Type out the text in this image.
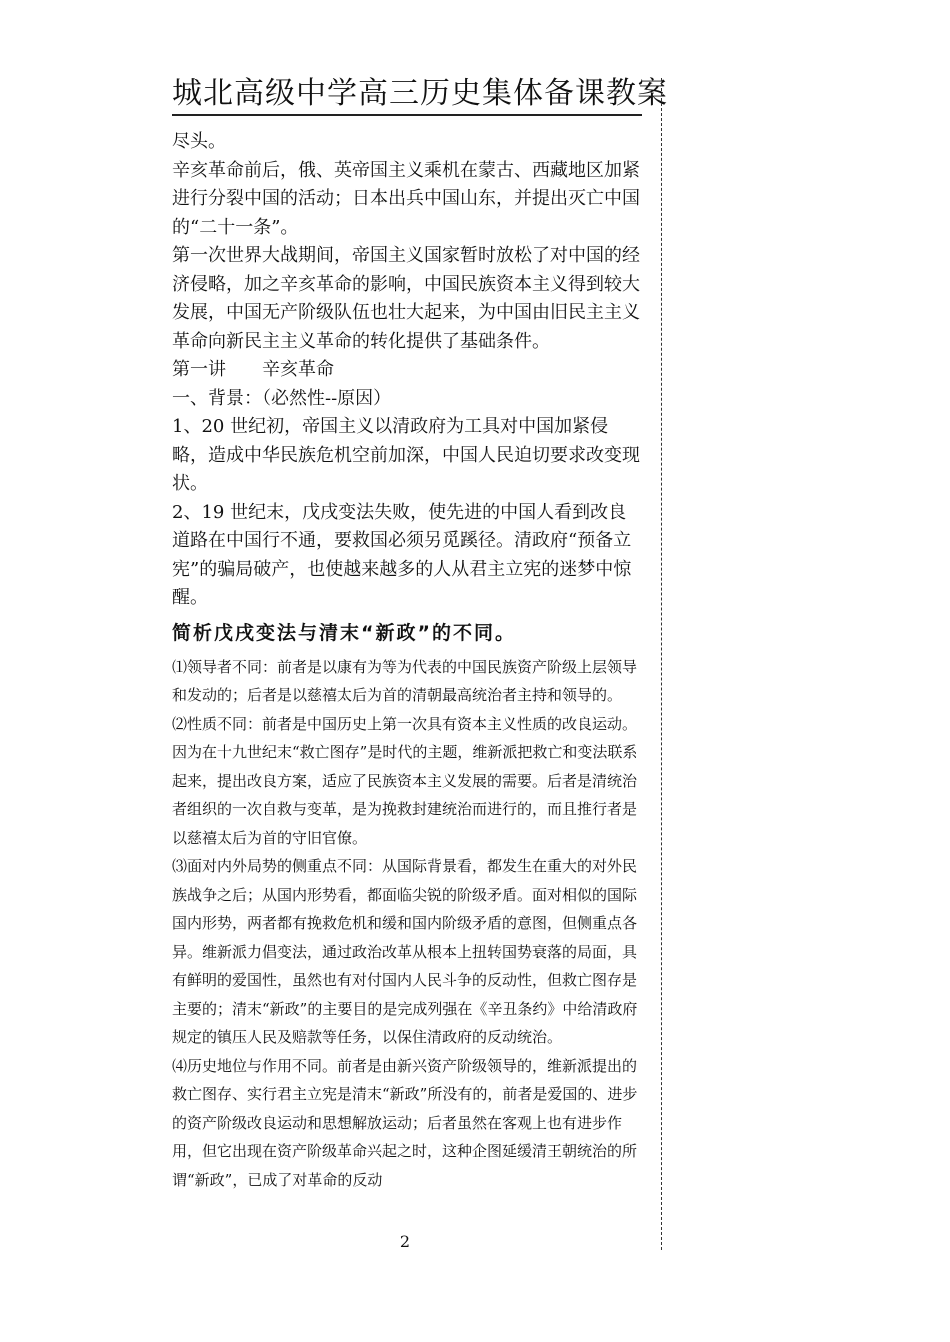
城北高级中学高三历史集体备课教案

尽头。

辛亥革命前后，俄、英帝国主义乘机在蒙古、西藏地区加紧进行分裂中国的活动；日本出兵中国山东，并提出灭亡中国的“二十一条”。

第一次世界大战期间，帝国主义国家暂时放松了对中国的经济侵略，加之辛亥革命的影响，中国民族资本主义得到较大发展，中国无产阶级队伍也壮大起来，为中国由旧民主主义革命向新民主主义革命的转化提供了基础条件。

第一讲　　辛亥革命

一、背景：（必然性--原因）

1、20 世纪初，帝国主义以清政府为工具对中国加紧侵略，造成中华民族危机空前加深，中国人民迫切要求改变现状。

2、19 世纪末，戊戌变法失败，使先进的中国人看到改良道路在中国行不通，要救国必须另觅蹊径。清政府“预备立宪”的骗局破产，也使越来越多的人从君主立宪的迷梦中惊醒。

简析戊戌变法与清末“新政”的不同。

⑴领导者不同：前者是以康有为等为代表的中国民族资产阶级上层领导和发动的；后者是以慈禧太后为首的清朝最高统治者主持和领导的。

⑵性质不同：前者是中国历史上第一次具有资本主义性质的改良运动。因为在十九世纪末“救亡图存”是时代的主题，维新派把救亡和变法联系起来，提出改良方案，适应了民族资本主义发展的需要。后者是清统治者组织的一次自救与变革，是为挽救封建统治而进行的，而且推行者是以慈禧太后为首的守旧官僚。

⑶面对内外局势的侧重点不同：从国际背景看，都发生在重大的对外民族战争之后；从国内形势看，都面临尖锐的阶级矛盾。面对相似的国际国内形势，两者都有挽救危机和缓和国内阶级矛盾的意图，但侧重点各异。维新派力倡变法，通过政治改革从根本上扭转国势衰落的局面，具有鲜明的爱国性，虽然也有对付国内人民斗争的反动性，但救亡图存是主要的；清末“新政”的主要目的是完成列强在《辛丑条约》中给清政府规定的镇压人民及赔款等任务，以保住清政府的反动统治。

⑷历史地位与作用不同。前者是由新兴资产阶级领导的，维新派提出的救亡图存、实行君主立宪是清末“新政”所没有的，前者是爱国的、进步的资产阶级改良运动和思想解放运动；后者虽然在客观上也有进步作用，但它出现在资产阶级革命兴起之时，这种企图延缓清王朝统治的所谓“新政”，已成了对革命的反动

2
